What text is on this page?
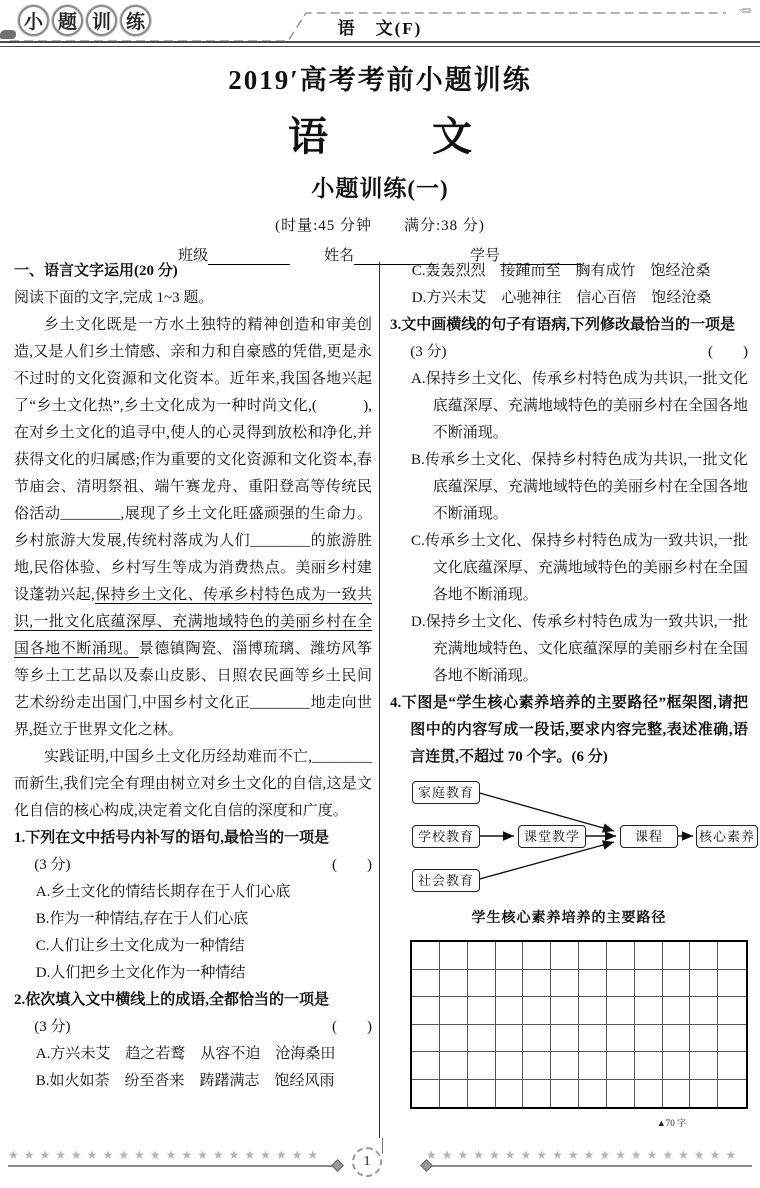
小 题 训 练	语　文(F)
✏
2019′高考考前小题训练
语	文
小题训练(一)
(时量:45 分钟　　满分:38 分)
班级	姓名	学号
一、语言文字运用(20 分)
阅读下面的文字,完成 1~3 题。

乡土文化既是一方水土独特的精神创造和审美创造,又是人们乡土情感、亲和力和自豪感的凭借,更是永不过时的文化资源和文化资本。近年来,我国各地兴起了“乡土文化热”,乡土文化成为一种时尚文化,(　　　),在对乡土文化的追寻中,使人的心灵得到放松和净化,并获得文化的归属感;作为重要的文化资源和文化资本,春节庙会、清明祭祖、端午赛龙舟、重阳登高等传统民俗活动________,展现了乡土文化旺盛顽强的生命力。乡村旅游大发展,传统村落成为人们________的旅游胜地,民俗体验、乡村写生等成为消费热点。美丽乡村建设蓬勃兴起,保持乡土文化、传承乡村特色成为一致共识,一批文化底蕴深厚、充满地域特色的美丽乡村在全国各地不断涌现。景德镇陶瓷、淄博琉璃、潍坊风筝等乡土工艺品以及泰山皮影、日照农民画等乡土民间艺术纷纷走出国门,中国乡村文化正________地走向世界,挺立于世界文化之林。

实践证明,中国乡土文化历经劫难而不亡,________而新生,我们完全有理由树立对乡土文化的自信,这是文化自信的核心构成,决定着文化自信的深度和广度。

1.下列在文中括号内补写的语句,最恰当的一项是
(3 分)	(　　)
A.乡土文化的情结长期存在于人们心底
B.作为一种情结,存在于人们心底
C.人们让乡土文化成为一种情结
D.人们把乡土文化作为一种情结
2.依次填入文中横线上的成语,全都恰当的一项是
(3 分)	(　　)
A.方兴未艾　趋之若鹜　从容不迫　沧海桑田
B.如火如荼　纷至沓来　踌躇满志　饱经风雨
C.轰轰烈烈　接踵而至　胸有成竹　饱经沧桑
D.方兴未艾　心驰神往　信心百倍　饱经沧桑
3.文中画横线的句子有语病,下列修改最恰当的一项是
(3 分)	(　　)
A.保持乡土文化、传承乡村特色成为共识,一批文化底蕴深厚、充满地域特色的美丽乡村在全国各地不断涌现。
B.传承乡土文化、保持乡村特色成为共识,一批文化底蕴深厚、充满地域特色的美丽乡村在全国各地不断涌现。
C.传承乡土文化、保持乡村特色成为一致共识,一批文化底蕴深厚、充满地域特色的美丽乡村在全国各地不断涌现。
D.保持乡土文化、传承乡村特色成为一致共识,一批充满地域特色、文化底蕴深厚的美丽乡村在全国各地不断涌现。
4.下图是“学生核心素养培养的主要路径”框架图,请把图中的内容写成一段话,要求内容完整,表述准确,语言连贯,不超过 70 个字。(6 分)
家庭教育
学校教育
社会教育
课堂教学	课程	核心素养
学生核心素养培养的主要路径
▲70 字
★★★★★★★★★★★★★★★★★★★★	1	★★★★★★★★★★★★★★★★★★★★
